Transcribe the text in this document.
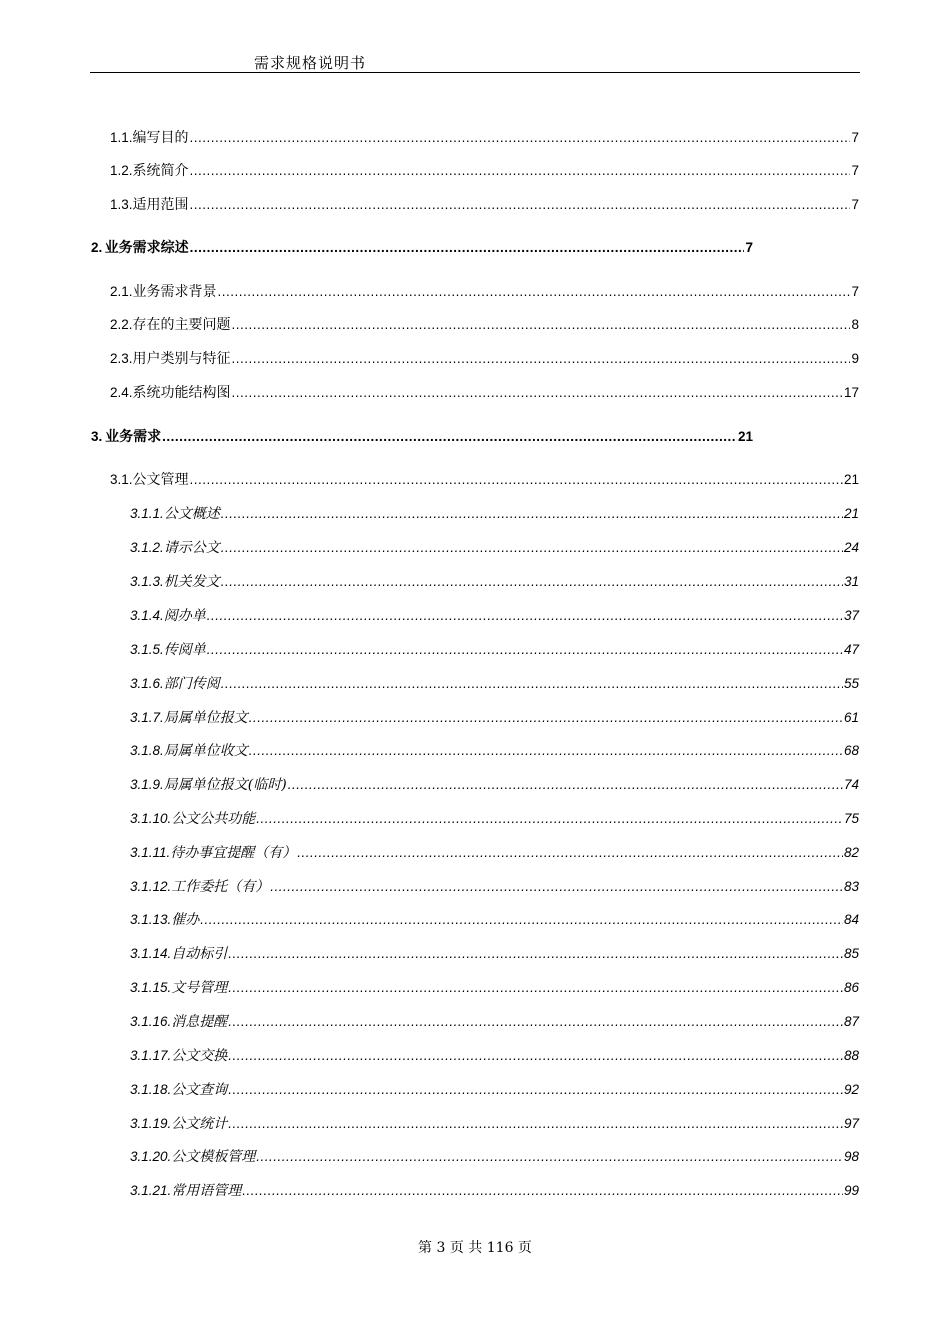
需求规格说明书
1.1. 编写目的 .....	7
1.2. 系统简介 .....	7
1.3. 适用范围 .....	7
2. 业务需求综述 .....	7
2.1. 业务需求背景 .....	7
2.2. 存在的主要问题 .....	8
2.3. 用户类别与特征 .....	9
2.4. 系统功能结构图 .....	17
3. 业务需求 .....	21
3.1. 公文管理 .....	21
3.1.1. 公文概述 .....	21
3.1.2. 请示公文 .....	24
3.1.3. 机关发文 .....	31
3.1.4. 阅办单 .....	37
3.1.5. 传阅单 .....	47
3.1.6. 部门传阅 .....	55
3.1.7. 局属单位报文 .....	61
3.1.8. 局属单位收文 .....	68
3.1.9. 局属单位报文(临时) .....	74
3.1.10. 公文公共功能 .....	75
3.1.11. 待办事宜提醒（有） .....	82
3.1.12. 工作委托（有） .....	83
3.1.13. 催办 .....	84
3.1.14. 自动标引 .....	85
3.1.15. 文号管理 .....	86
3.1.16. 消息提醒 .....	87
3.1.17. 公文交换 .....	88
3.1.18. 公文查询 .....	92
3.1.19. 公文统计 .....	97
3.1.20. 公文模板管理 .....	98
3.1.21. 常用语管理 .....	99
第 3 页 共 116 页
